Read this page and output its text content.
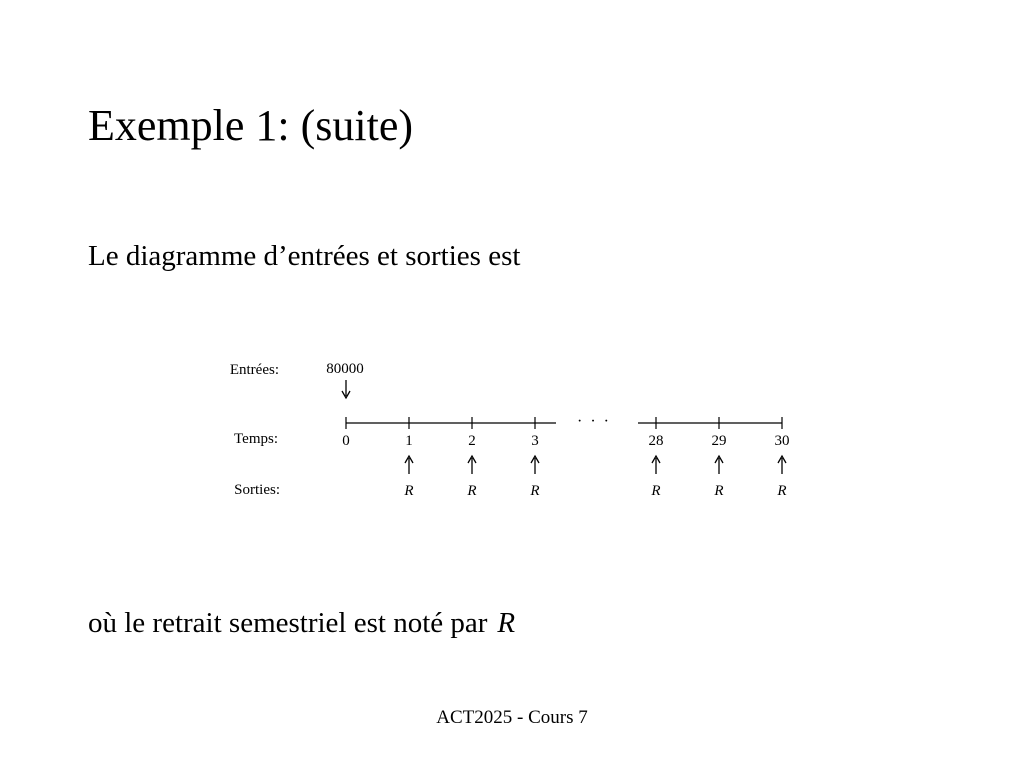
Exemple 1: (suite)
Le diagramme d’entrées et sorties est
Entrées:
Temps:
Sorties:
· · ·
0	1	2	3	28	29	30
80000
R	R	R	R	R	R
où le retrait semestriel est noté par R
ACT2025 - Cours 7
